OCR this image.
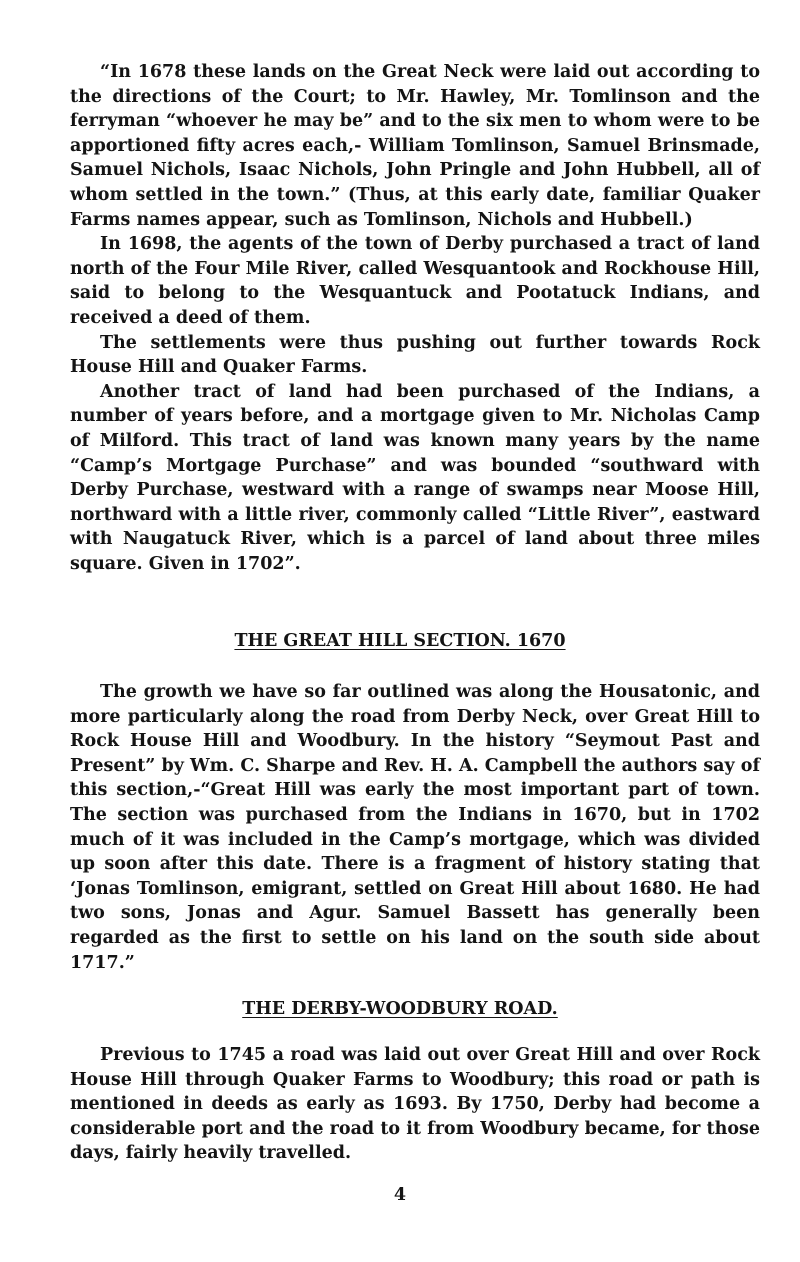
“In 1678 these lands on the Great Neck were laid out according to the directions of the Court; to Mr. Hawley, Mr. Tomlinson and the ferryman “whoever he may be” and to the six men to whom were to be apportioned fifty acres each,- William Tomlinson, Samuel Brinsmade, Samuel Nichols, Isaac Nichols, John Pringle and John Hubbell, all of whom settled in the town.” (Thus, at this early date, familiar Quaker Farms names appear, such as Tomlinson, Nichols and Hubbell.)

In 1698, the agents of the town of Derby purchased a tract of land north of the Four Mile River, called Wesquantook and Rockhouse Hill, said to belong to the Wesquantuck and Pootatuck Indians, and received a deed of them.

The settlements were thus pushing out further towards Rock House Hill and Quaker Farms.

Another tract of land had been purchased of the Indians, a number of years before, and a mortgage given to Mr. Nicholas Camp of Milford. This tract of land was known many years by the name “Camp’s Mortgage Purchase” and was bounded “southward with Derby Purchase, westward with a range of swamps near Moose Hill, northward with a little river, commonly called “Little River”, eastward with Naugatuck River, which is a parcel of land about three miles square. Given in 1702”.

THE GREAT HILL SECTION. 1670

The growth we have so far outlined was along the Housatonic, and more particularly along the road from Derby Neck, over Great Hill to Rock House Hill and Woodbury. In the history “Seymout Past and Present” by Wm. C. Sharpe and Rev. H. A. Campbell the authors say of this section,-“Great Hill was early the most important part of town. The section was purchased from the Indians in 1670, but in 1702 much of it was included in the Camp’s mortgage, which was divided up soon after this date. There is a fragment of history stating that ‘Jonas Tomlinson, emigrant, settled on Great Hill about 1680. He had two sons, Jonas and Agur. Samuel Bassett has generally been regarded as the first to settle on his land on the south side about 1717.”

THE DERBY-WOODBURY ROAD.

Previous to 1745 a road was laid out over Great Hill and over Rock House Hill through Quaker Farms to Woodbury; this road or path is mentioned in deeds as early as 1693. By 1750, Derby had become a considerable port and the road to it from Woodbury became, for those days, fairly heavily travelled.

4
